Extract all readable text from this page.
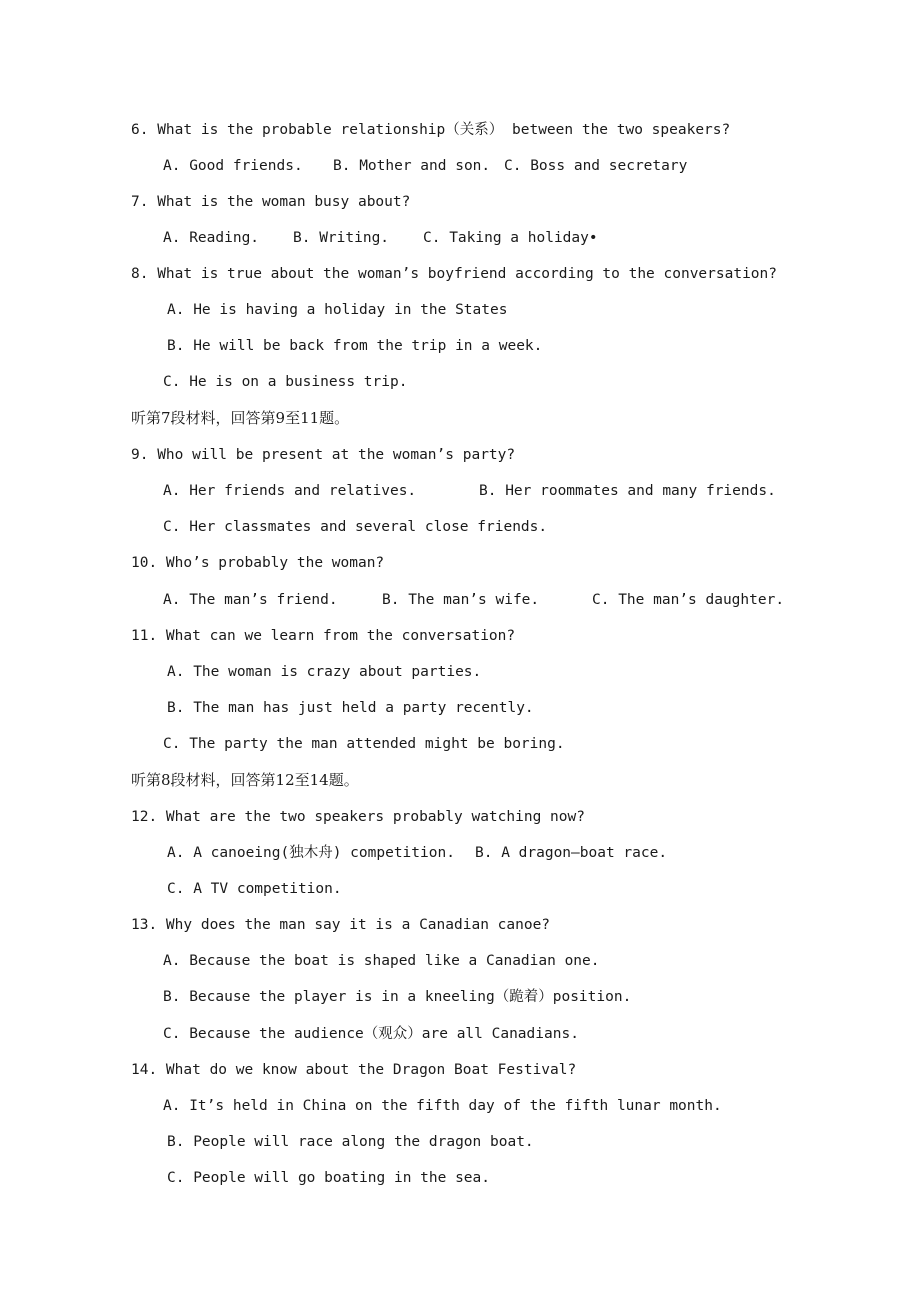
6. What is the probable relationship（关系） between the two speakers?

A. Good friends.

B. Mother and son.

C. Boss and secretary

7. What is the woman busy about?

A. Reading.

B. Writing.

C. Taking a holiday•

8. What is true about the woman’s boyfriend according to the conversation?
A. He is having a holiday in the States
B. He will be back from the trip in a week.
C. He is on a business trip.
听第7段材料，回答第9至11题。
9. Who will be present at the woman’s party?

A. Her friends and relatives.

	B. Her roommates and many friends.

C. Her classmates and several close friends.
10. Who’s probably the woman?

A. The man’s friend.

	B. The man’s wife.

	C. The man’s daughter.

11. What can we learn from the conversation?
A. The woman is crazy about parties.
B. The man has just held a party recently.
C. The party the man attended might be boring.
听第8段材料，回答第12至14题。
12. What are the two speakers probably watching now?

A. A canoeing(独木舟) competition.

B. A dragon—boat race.

C. A TV competition.
13. Why does the man say it is a Canadian canoe?
A. Because the boat is shaped like a Canadian one.
B. Because the player is in a kneeling（跪着）position.
C. Because the audience（观众）are all Canadians.
14. What do we know about the Dragon Boat Festival?
A. It’s held in China on the fifth day of the fifth lunar month.
B. People will race along the dragon boat.
C. People will go boating in the sea.
